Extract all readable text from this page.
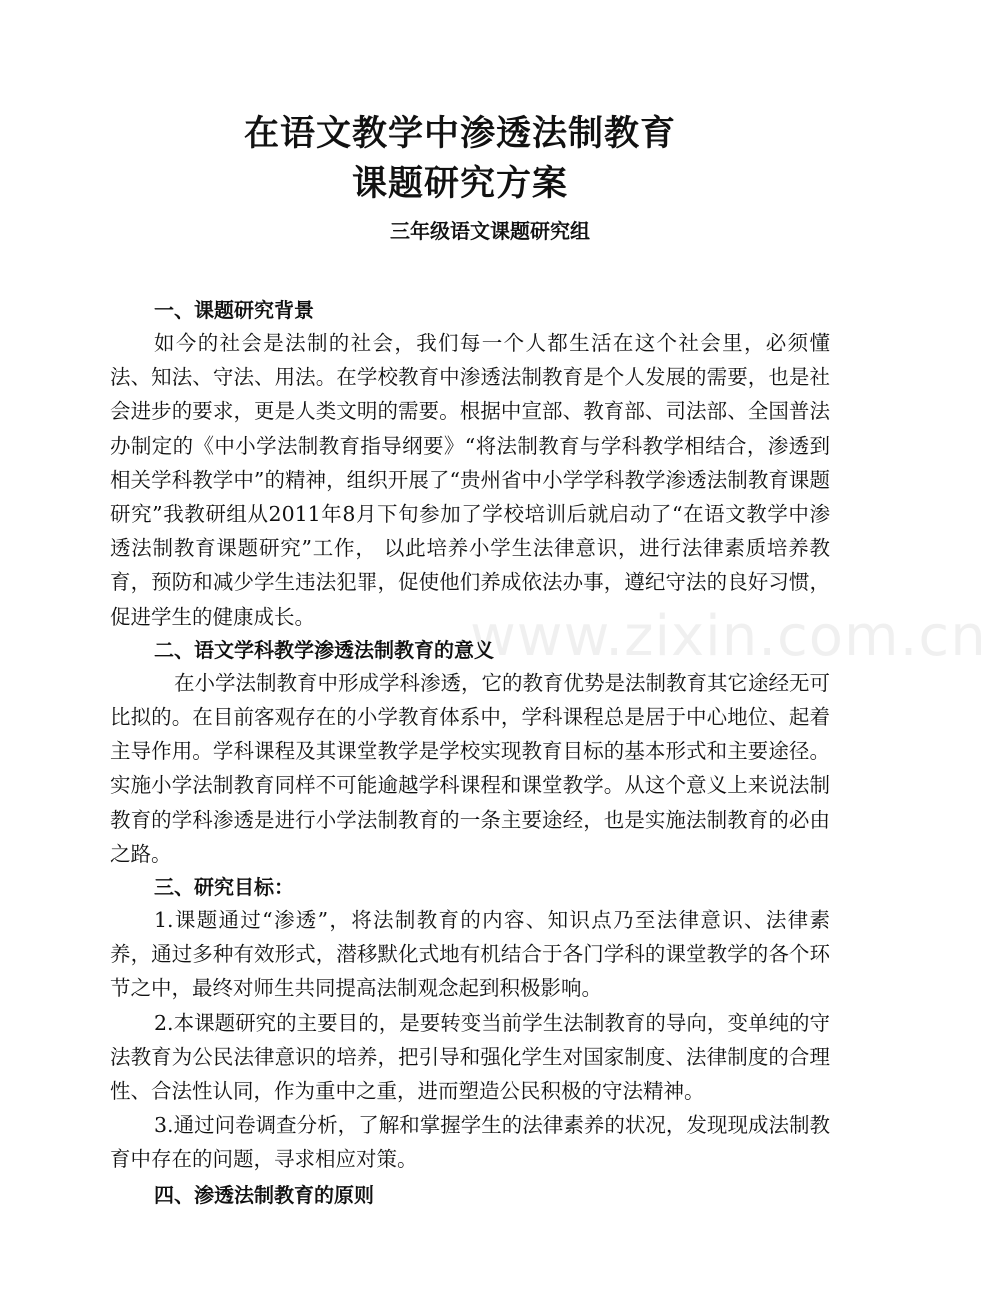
www.zixin.com.cn
在语文教学中渗透法制教育
课题研究方案
三年级语文课题研究组
一、课题研究背景

如今的社会是法制的社会，我们每一个人都生活在这个社会里，必须懂法、知法、守法、用法。在学校教育中渗透法制教育是个人发展的需要，也是社会进步的要求，更是人类文明的需要。根据中宣部、教育部、司法部、全国普法办制定的《中小学法制教育指导纲要》“将法制教育与学科教学相结合，渗透到相关学科教学中”的精神，组织开展了“贵州省中小学学科教学渗透法制教育课题研究”我教研组从2011年8月下旬参加了学校培训后就启动了“在语文教学中渗透法制教育课题研究”工作， 以此培养小学生法律意识，进行法律素质培养教育，预防和减少学生违法犯罪，促使他们养成依法办事，遵纪守法的良好习惯，促进学生的健康成长。

二、语文学科教学渗透法制教育的意义

在小学法制教育中形成学科渗透，它的教育优势是法制教育其它途经无可比拟的。在目前客观存在的小学教育体系中，学科课程总是居于中心地位、起着主导作用。学科课程及其课堂教学是学校实现教育目标的基本形式和主要途径。实施小学法制教育同样不可能逾越学科课程和课堂教学。从这个意义上来说法制教育的学科渗透是进行小学法制教育的一条主要途经，也是实施法制教育的必由之路。

三、研究目标：

1.课题通过“渗透”，将法制教育的内容、知识点乃至法律意识、法律素养，通过多种有效形式，潜移默化式地有机结合于各门学科的课堂教学的各个环节之中，最终对师生共同提高法制观念起到积极影响。

2.本课题研究的主要目的，是要转变当前学生法制教育的导向，变单纯的守法教育为公民法律意识的培养，把引导和强化学生对国家制度、法律制度的合理性、合法性认同，作为重中之重，进而塑造公民积极的守法精神。

3.通过问卷调查分析，了解和掌握学生的法律素养的状况，发现现成法制教育中存在的问题，寻求相应对策。

四、渗透法制教育的原则
